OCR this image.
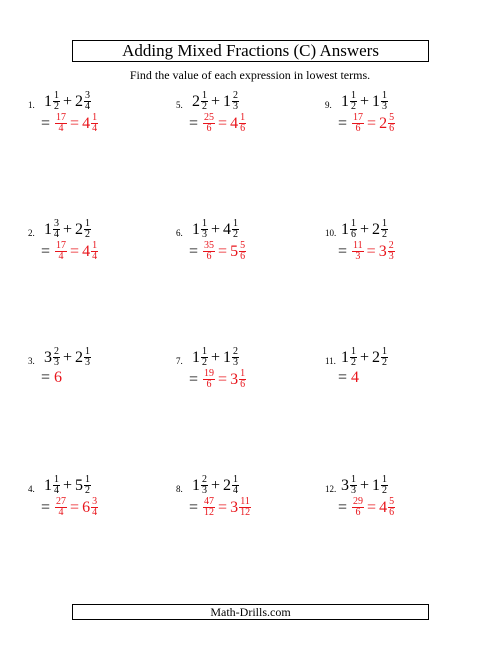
Adding Mixed Fractions (C) Answers
Find the value of each expression in lowest terms.
1. $1 \frac{1}{2} + 2 \frac{3}{4}$
= $\frac{17}{4} = 4 \frac{1}{4}$
2. $1 \frac{3}{4} + 2 \frac{1}{2}$
= $\frac{17}{4} = 4 \frac{1}{4}$
3. $3 \frac{2}{3} + 2 \frac{1}{3}$
= 6
4. $1 \frac{1}{4} + 5 \frac{1}{2}$
= $\frac{27}{4} = 6 \frac{3}{4}$
5. $2 \frac{1}{2} + 1 \frac{2}{3}$
= $\frac{25}{6} = 4 \frac{1}{6}$
6. $1 \frac{1}{3} + 4 \frac{1}{2}$
= $\frac{35}{6} = 5 \frac{5}{6}$
7. $1 \frac{1}{2} + 1 \frac{2}{3}$
= $\frac{19}{6} = 3 \frac{1}{6}$
8. $1 \frac{2}{3} + 2 \frac{1}{4}$
= $\frac{47}{12} = 3 \frac{11}{12}$
9. $1 \frac{1}{2} + 1 \frac{1}{3}$
= $\frac{17}{6} = 2 \frac{5}{6}$
10. $1 \frac{1}{6} + 2 \frac{1}{2}$
= $\frac{11}{3} = 3 \frac{2}{3}$
11. $1 \frac{1}{2} + 2 \frac{1}{2}$
= 4
12. $3 \frac{1}{3} + 1 \frac{1}{2}$
= $\frac{29}{6} = 4 \frac{5}{6}$
Math-Drills.com
